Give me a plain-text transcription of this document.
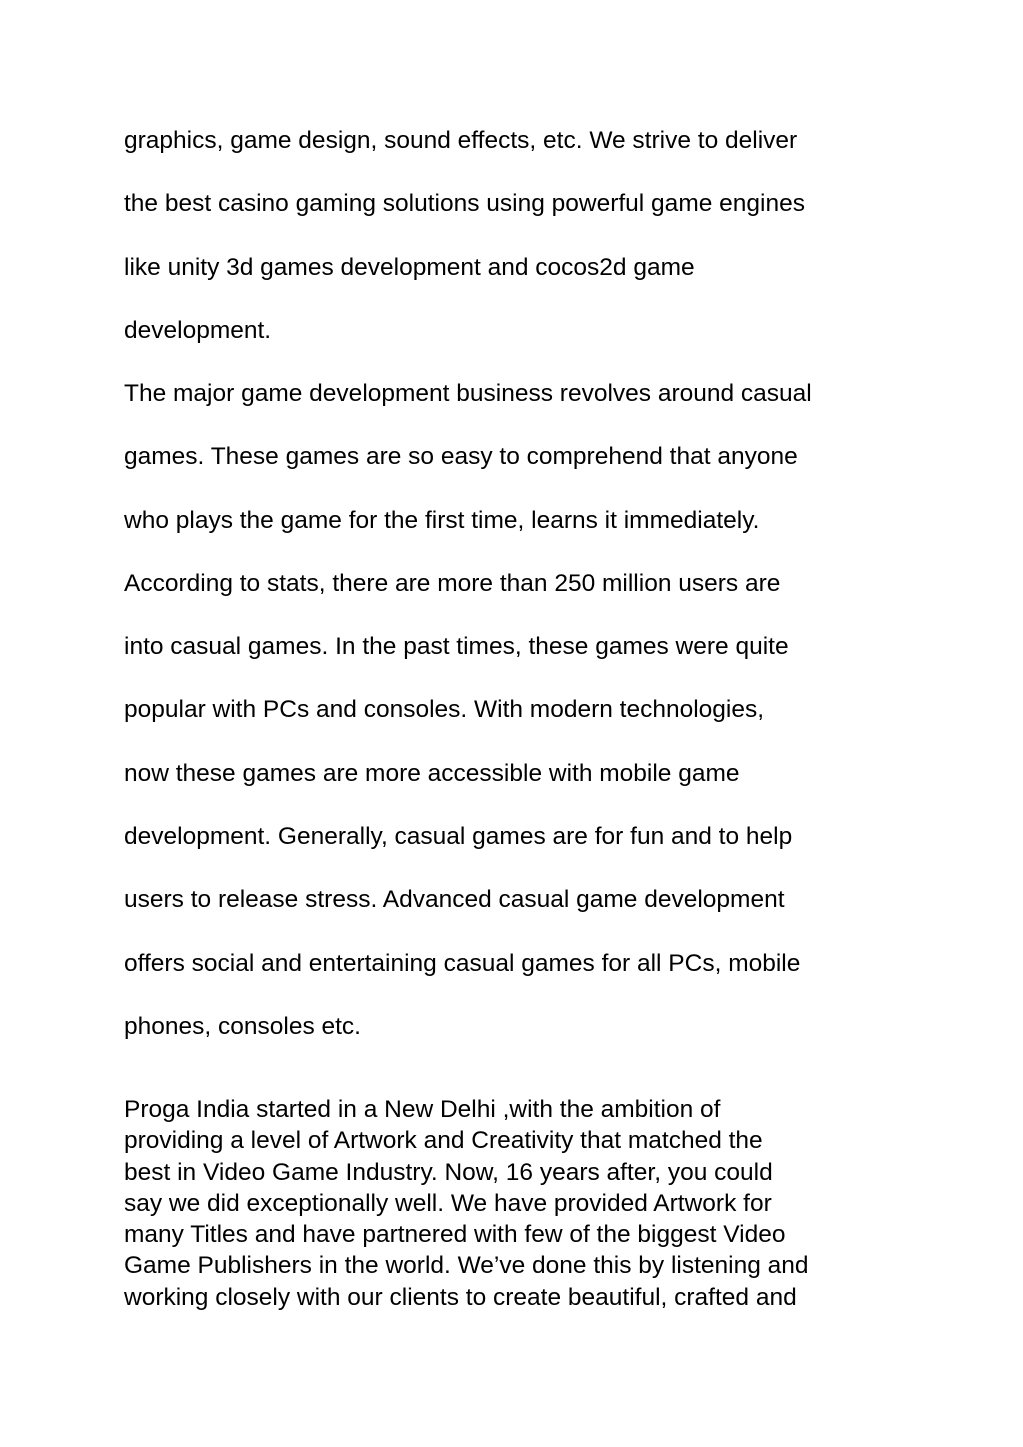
graphics, game design, sound effects, etc. We strive to deliver
the best casino gaming solutions using powerful game engines
like unity 3d games development and cocos2d game
development.

The major game development business revolves around casual
games. These games are so easy to comprehend that anyone
who plays the game for the first time, learns it immediately.
According to stats, there are more than 250 million users are
into casual games. In the past times, these games were quite
popular with PCs and consoles. With modern technologies,
now these games are more accessible with mobile game
development. Generally, casual games are for fun and to help
users to release stress. Advanced casual game development
offers social and entertaining casual games for all PCs, mobile
phones, consoles etc.

Proga India started in a New Delhi ,with the ambition of
providing a level of Artwork and Creativity that matched the
best in Video Game Industry. Now, 16 years after, you could
say we did exceptionally well. We have provided Artwork for
many Titles and have partnered with few of the biggest Video
Game Publishers in the world. We’ve done this by listening and
working closely with our clients to create beautiful, crafted and
